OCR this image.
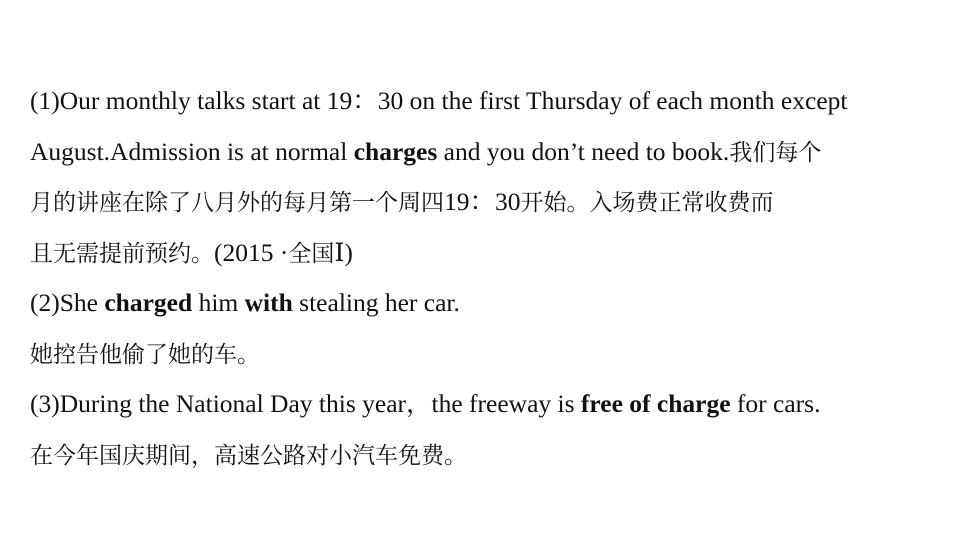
(1)Our monthly talks start at 19：30 on the first Thursday of each month except
August.Admission is at normal charges and you don’t need to book.我们每个
月的讲座在除了八月外的每月第一个周四19：30开始。入场费正常收费而
且无需提前预约。(2015 ·全国Ⅰ)
(2)She charged him with stealing her car.
她控告他偷了她的车。
(3)During the National Day this year，the freeway is free of charge for cars.
在今年国庆期间，高速公路对小汽车免费。
